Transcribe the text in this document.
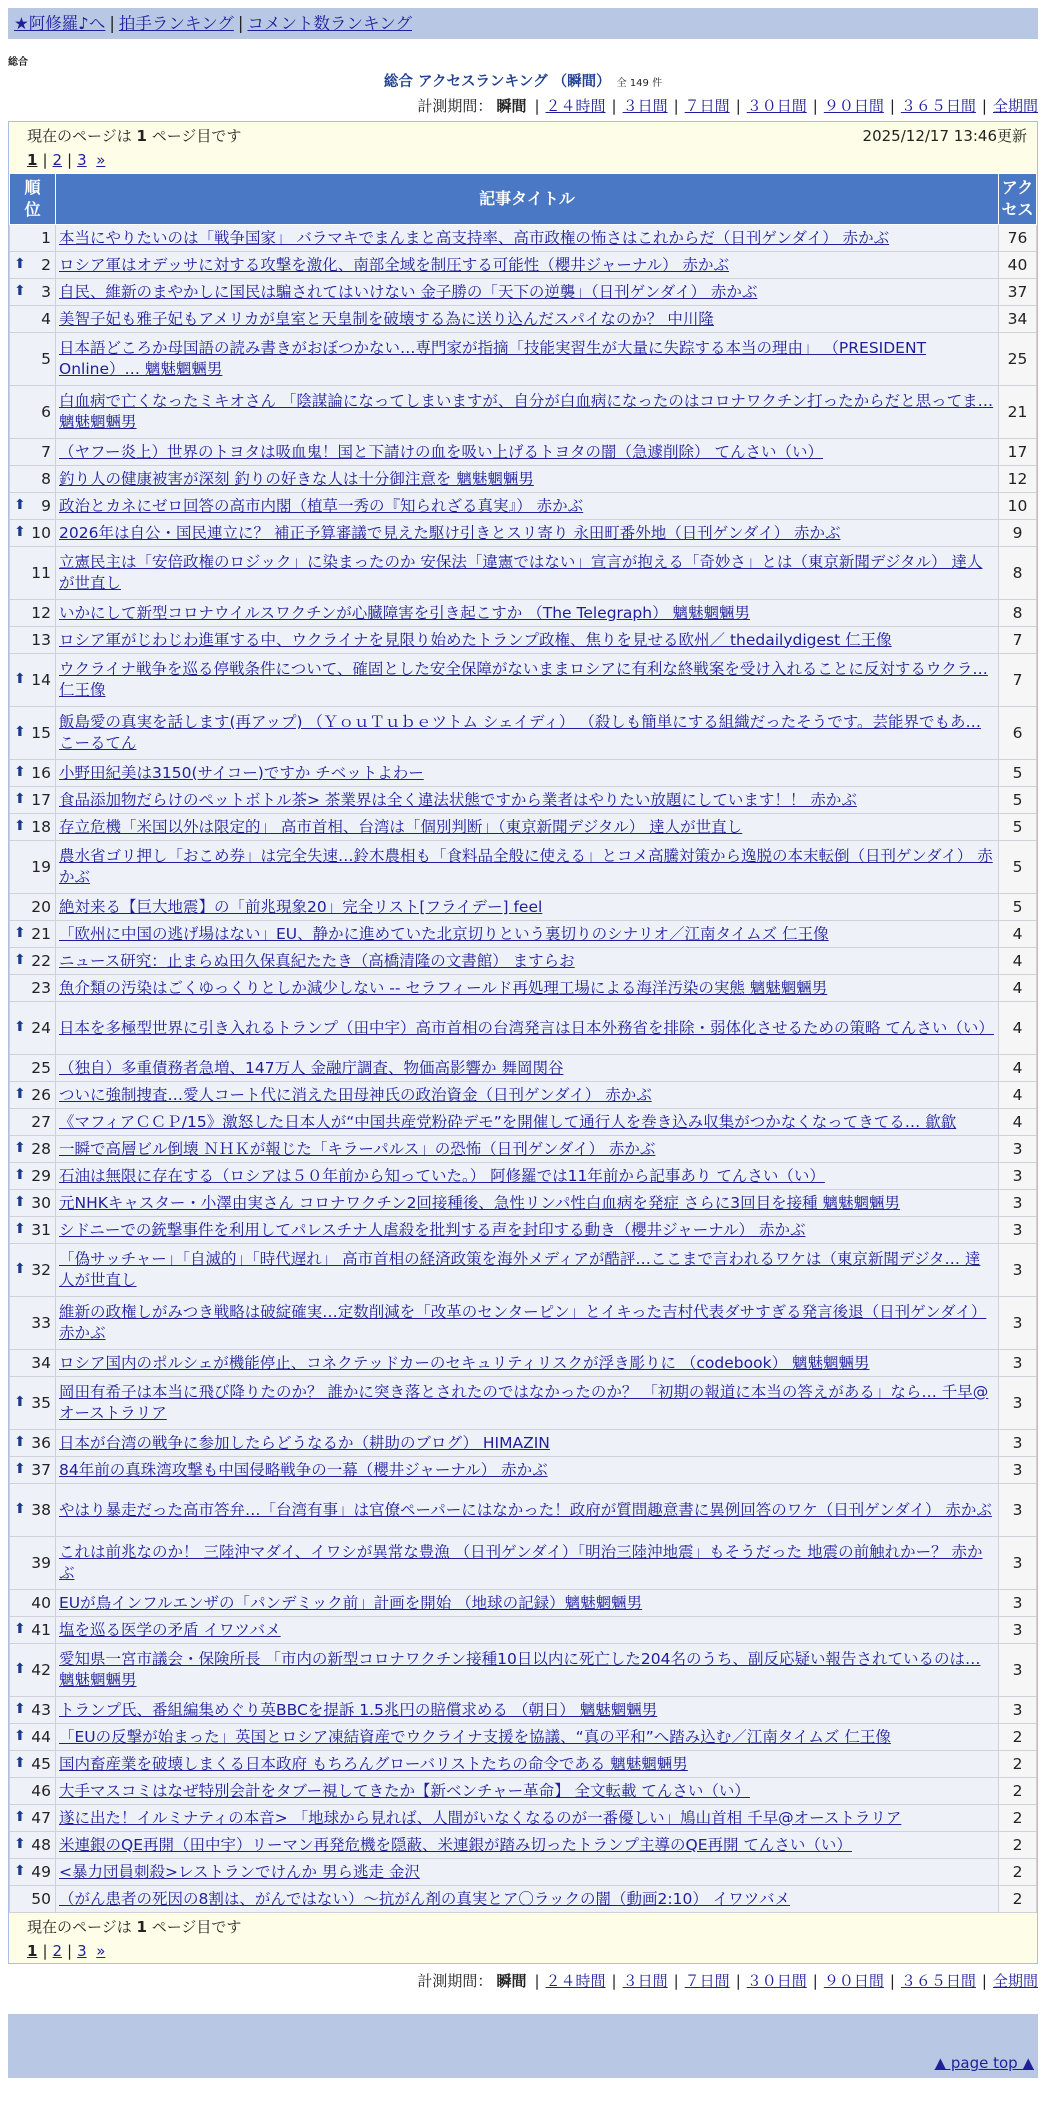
★阿修羅♪へ | 拍手ランキング | コメント数ランキング
総合
総合 アクセスランキング （瞬間） 全 149 件
計測期間： 瞬間 | ２４時間 | ３日間 | ７日間 | ３０日間 | ９０日間 | ３６５日間 | 全期間
現在のページは 1 ページ目です	2025/12/17 13:46更新
1 | 2 | 3 »
順位	記事タイトル	アクセス

1	本当にやりたいのは「戦争国家」 バラマキでまんまと高支持率、高市政権の怖さはこれからだ（日刊ゲンダイ） 赤かぶ	76

⬆ 2	ロシア軍はオデッサに対する攻撃を激化、南部全域を制圧する可能性（櫻井ジャーナル） 赤かぶ	40

⬆ 3	自民、維新のまやかしに国民は騙されてはいけない 金子勝の「天下の逆襲」（日刊ゲンダイ） 赤かぶ	37
4	美智子妃も雅子妃もアメリカが皇室と天皇制を破壊する為に送り込んだスパイなのか？ 中川隆	34
5	日本語どころか母国語の読み書きがおぼつかない…専門家が指摘「技能実習生が大量に失踪する本当の理由」 （PRESIDENT Online）… 魑魅魍魎男	25
6	白血病で亡くなったミキオさん 「陰謀論になってしまいますが、自分が白血病になったのはコロナワクチン打ったからだと思ってま… 魑魅魍魎男	21
7	（ヤフー炎上）世界のトヨタは吸血鬼！国と下請けの血を吸い上げるトヨタの闇（急遽削除） てんさい（い）	17
8	釣り人の健康被害が深刻 釣りの好きな人は十分御注意を 魑魅魍魎男	12

⬆ 9	政治とカネにゼロ回答の高市内閣（植草一秀の『知られざる真実』） 赤かぶ	10

⬆ 10	2026年は自公・国民連立に？ 補正予算審議で見えた駆け引きとスリ寄り 永田町番外地（日刊ゲンダイ） 赤かぶ	9
11	立憲民主は「安倍政権のロジック」に染まったのか 安保法「違憲ではない」宣言が抱える「奇妙さ」とは（東京新聞デジタル） 達人が世直し	8
12	いかにして新型コロナウイルスワクチンが心臓障害を引き起こすか （The Telegraph） 魑魅魍魎男	8
13	ロシア軍がじわじわ進軍する中、ウクライナを見限り始めたトランプ政権、焦りを見せる欧州／ thedailydigest 仁王像	7

⬆ 14	ウクライナ戦争を巡る停戦条件について、確固とした安全保障がないままロシアに有利な終戦案を受け入れることに反対するウクラ… 仁王像	7

⬆ 15	飯島愛の真実を話します(再アップ) （ＹｏｕＴｕｂｅツトム シェイディ） （殺しも簡単にする組織だったそうです。芸能界でもあ… こーるてん	6

⬆ 16	小野田紀美は3150(サイコー)ですか チベットよわー	5

⬆ 17	食品添加物だらけのペットボトル茶> 茶業界は全く違法状態ですから業者はやりたい放題にしています！！ 赤かぶ	5

⬆ 18	存立危機「米国以外は限定的」 高市首相、台湾は「個別判断」（東京新聞デジタル） 達人が世直し	5
19	農水省ゴリ押し「おこめ券」は完全失速…鈴木農相も「食料品全般に使える」とコメ高騰対策から逸脱の本末転倒（日刊ゲンダイ） 赤かぶ	5
20	絶対来る【巨大地震】の「前兆現象20」完全リスト[フライデー] feel	5

⬆ 21	「欧州に中国の逃げ場はない」EU、静かに進めていた北京切りという裏切りのシナリオ／江南タイムズ 仁王像	4

⬆ 22	ニュース研究：止まらぬ田久保真紀たたき（高橋清隆の文書館） ますらお	4
23	魚介類の汚染はごくゆっくりとしか減少しない -- セラフィールド再処理工場による海洋汚染の実態 魑魅魍魎男	4

⬆ 24	日本を多極型世界に引き入れるトランプ（田中宇）高市首相の台湾発言は日本外務省を排除・弱体化させるための策略 てんさい（い）	4
25	（独自）多重債務者急増、147万人 金融庁調査、物価高影響か 舞岡関谷	4

⬆ 26	ついに強制捜査…愛人コート代に消えた田母神氏の政治資金（日刊ゲンダイ） 赤かぶ	4
27	《マフィアＣＣＰ/15》激怒した日本人が“中国共産党粉砕デモ”を開催して通行人を巻き込み収集がつかなくなってきてる… 歙歙	4

⬆ 28	一瞬で高層ビル倒壊 ＮＨＫが報じた「キラーパルス」の恐怖（日刊ゲンダイ） 赤かぶ	3

⬆ 29	石油は無限に存在する（ロシアは５０年前から知っていた。） 阿修羅では11年前から記事あり てんさい（い）	3

⬆ 30	元NHKキャスター・小澤由実さん コロナワクチン2回接種後、急性リンパ性白血病を発症 さらに3回目を接種 魑魅魍魎男	3

⬆ 31	シドニーでの銃撃事件を利用してパレスチナ人虐殺を批判する声を封印する動き（櫻井ジャーナル） 赤かぶ	3

⬆ 32	「偽サッチャー」「自滅的」「時代遅れ」 高市首相の経済政策を海外メディアが酷評…ここまで言われるワケは（東京新聞デジタ… 達人が世直し	3
33	維新の政権しがみつき戦略は破綻確実…定数削減を「改革のセンターピン」とイキった吉村代表ダサすぎる発言後退（日刊ゲンダイ） 赤かぶ	3
34	ロシア国内のポルシェが機能停止、コネクテッドカーのセキュリティリスクが浮き彫りに （codebook） 魑魅魍魎男	3

⬆ 35	岡田有希子は本当に飛び降りたのか？ 誰かに突き落とされたのではなかったのか？ 「初期の報道に本当の答えがある」なら… 千早@オーストラリア	3

⬆ 36	日本が台湾の戦争に参加したらどうなるか（耕助のブログ） HIMAZIN	3

⬆ 37	84年前の真珠湾攻撃も中国侵略戦争の一幕（櫻井ジャーナル） 赤かぶ	3

⬆ 38	やはり暴走だった高市答弁…「台湾有事」は官僚ペーパーにはなかった！政府が質問趣意書に異例回答のワケ（日刊ゲンダイ） 赤かぶ	3
39	これは前兆なのか！ 三陸沖マダイ、イワシが異常な豊漁 （日刊ゲンダイ）「明治三陸沖地震」もそうだった 地震の前触れかー？ 赤かぶ	3
40	EUが鳥インフルエンザの「パンデミック前」計画を開始 （地球の記録）魑魅魍魎男	3

⬆ 41	塩を巡る医学の矛盾 イワツバメ	3

⬆ 42	愛知県一宮市議会・保険所長 「市内の新型コロナワクチン接種10日以内に死亡した204名のうち、副反応疑い報告されているのは… 魑魅魍魎男	3

⬆ 43	トランプ氏、番組編集めぐり英BBCを提訴 1.5兆円の賠償求める （朝日） 魑魅魍魎男	3

⬆ 44	「EUの反撃が始まった」英国とロシア凍結資産でウクライナ支援を協議、“真の平和”へ踏み込む／江南タイムズ 仁王像	2

⬆ 45	国内畜産業を破壊しまくる日本政府 もちろんグローバリストたちの命令である 魑魅魍魎男	2
46	大手マスコミはなぜ特別会計をタブー視してきたか【新ベンチャー革命】 全文転載 てんさい（い）	2

⬆ 47	遂に出た！イルミナティの本音> 「地球から見れば、人間がいなくなるのが一番優しい」鳩山首相 千早@オーストラリア	2

⬆ 48	米連銀のQE再開（田中宇）リーマン再発危機を隠蔽、米連銀が踏み切ったトランプ主導のQE再開 てんさい（い）	2

⬆ 49	<暴力団員刺殺>レストランでけんか 男ら逃走 金沢	2
50	（がん患者の死因の8割は、がんではない）〜抗がん剤の真実とア〇ラックの闇（動画2:10） イワツバメ	2
現在のページは 1 ページ目です
1 | 2 | 3 »
計測期間： 瞬間 | ２４時間 | ３日間 | ７日間 | ３０日間 | ９０日間 | ３６５日間 | 全期間
▲ page top ▲
